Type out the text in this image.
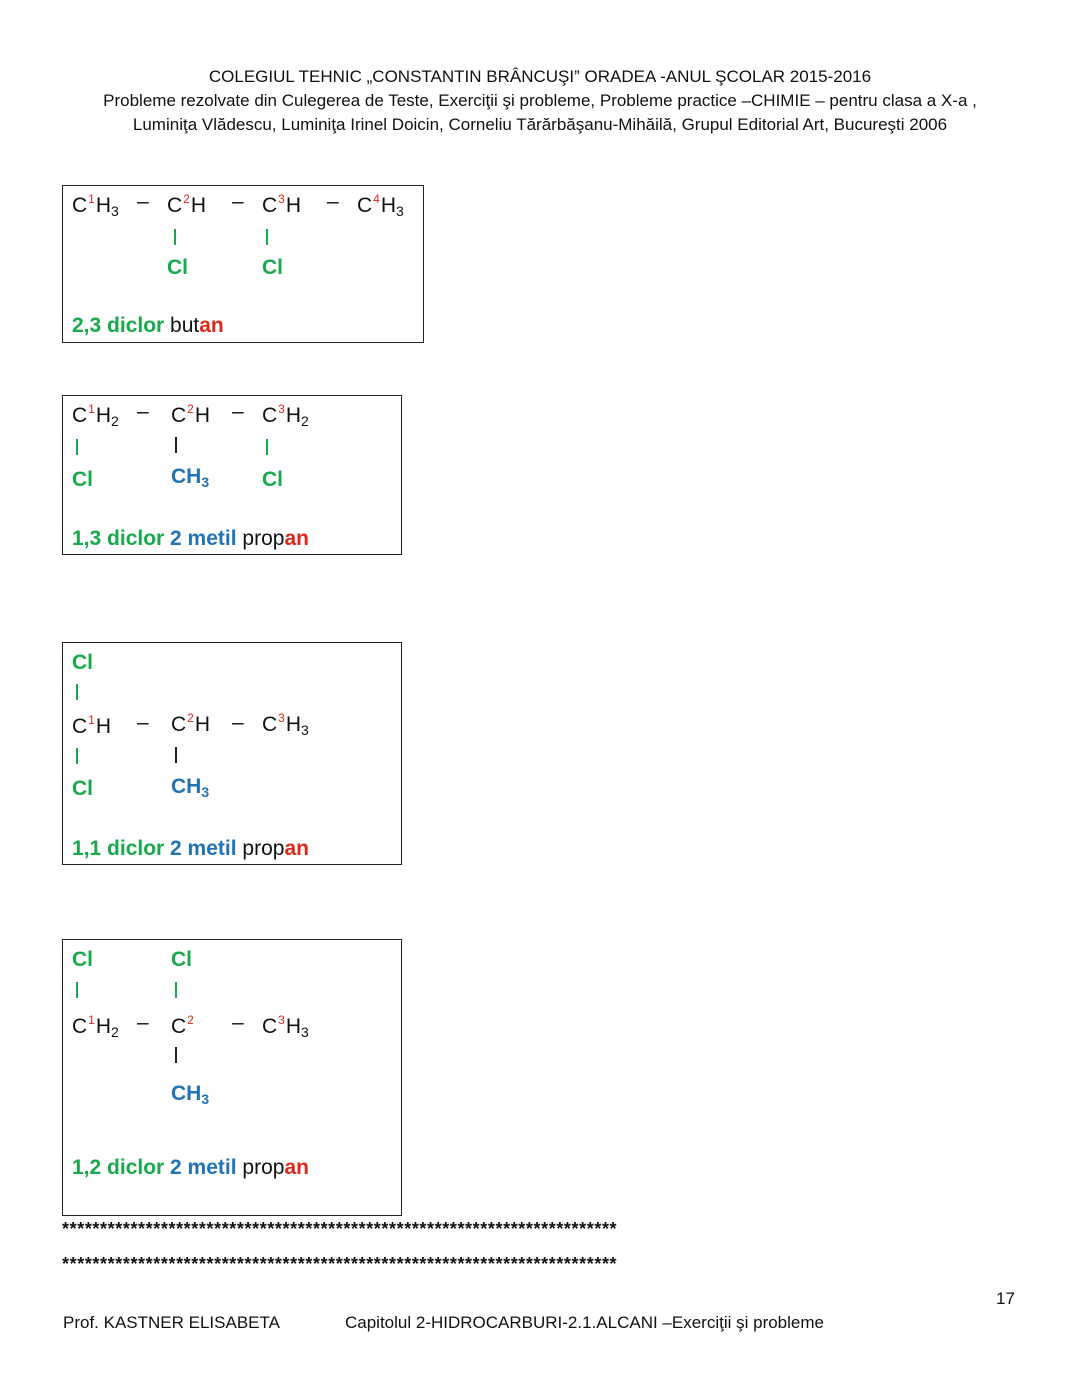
COLEGIUL TEHNIC „CONSTANTIN BRÂNCUŞI” ORADEA -ANUL ŞCOLAR 2015-2016
Probleme rezolvate din Culegerea de Teste, Exerciţii şi probleme, Probleme practice –CHIMIE – pentru clasa a X-a ,
Luminiţa Vlădescu, Luminiţa Irinel Doicin, Corneliu Tărărbăşanu-Mihăilă, Grupul Editorial Art, Bucureşti 2006
$C^1H_3 - C^2H - C^3H - C^4H_3$
Cl	Cl
2,3 diclor butan
$C^1H_2 - C^2H - C^3H_2$
Cl	$CH_3$	Cl
1,3 diclor 2 metil propan
Cl
$C^1H - C^2H - C^3H_3$
Cl	$CH_3$
1,1 diclor 2 metil propan
Cl	Cl
$C^1H_2 - C^2 - C^3H_3$
$CH_3$
1,2 diclor 2 metil propan
*************************************************************************
*************************************************************************
17
Prof. KASTNER ELISABETA	Capitolul 2-HIDROCARBURI-2.1.ALCANI –Exerciţii şi probleme
